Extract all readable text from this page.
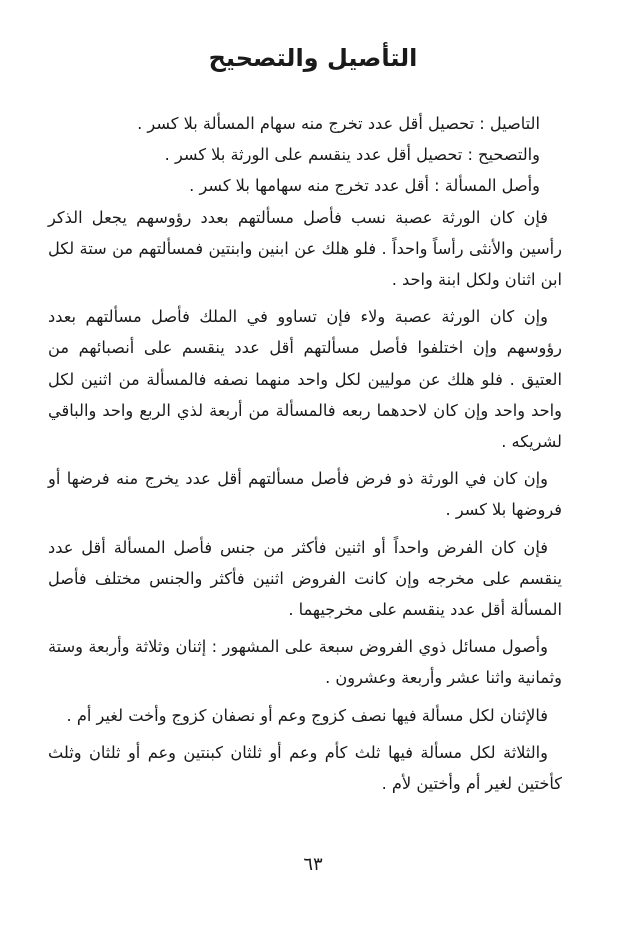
التأصيل والتصحيح

التاصيل : تحصيل أقل عدد تخرج منه سهام المسألة بلا كسر .

والتصحيح : تحصيل أقل عدد ينقسم على الورثة بلا كسر .

وأصل المسألة : أقل عدد تخرج منه سهامها بلا كسر .

فإن كان الورثة عصبة نسب فأصل مسألتهم بعدد رؤوسهم يجعل الذكر رأسين والأنثى رأساً واحداً . فلو هلك عن ابنين وابنتين فمسألتهم من ستة لكل ابن اثنان ولكل ابنة واحد .

وإن كان الورثة عصبة ولاء فإن تساوو في الملك فأصل مسألتهم بعدد رؤوسهم وإن اختلفوا فأصل مسألتهم أقل عدد ينقسم على أنصبائهم من العتيق . فلو هلك عن موليين لكل واحد منهما نصفه فالمسألة من اثنين لكل واحد واحد وإن كان لاحدهما ربعه فالمسألة من أربعة لذي الربع واحد والباقي لشريكه .

وإن كان في الورثة ذو فرض فأصل مسألتهم أقل عدد يخرج منه فرضها أو فروضها بلا كسر .

فإن كان الفرض واحداً أو اثنين فأكثر من جنس فأصل المسألة أقل عدد ينقسم على مخرجه وإن كانت الفروض اثنين فأكثر والجنس مختلف فأصل المسألة أقل عدد ينقسم على مخرجيهما .

وأصول مسائل ذوي الفروض سبعة على المشهور : إثنان وثلاثة وأربعة وستة وثمانية واثنا عشر وأربعة وعشرون .

فالإثنان لكل مسألة فيها نصف كزوج وعم أو نصفان كزوج وأخت لغير أم .

والثلاثة لكل مسألة فيها ثلث كأم وعم أو ثلثان كبنتين وعم أو ثلثان وثلث كأختين لغير أم وأختين لأم .

٦٣
